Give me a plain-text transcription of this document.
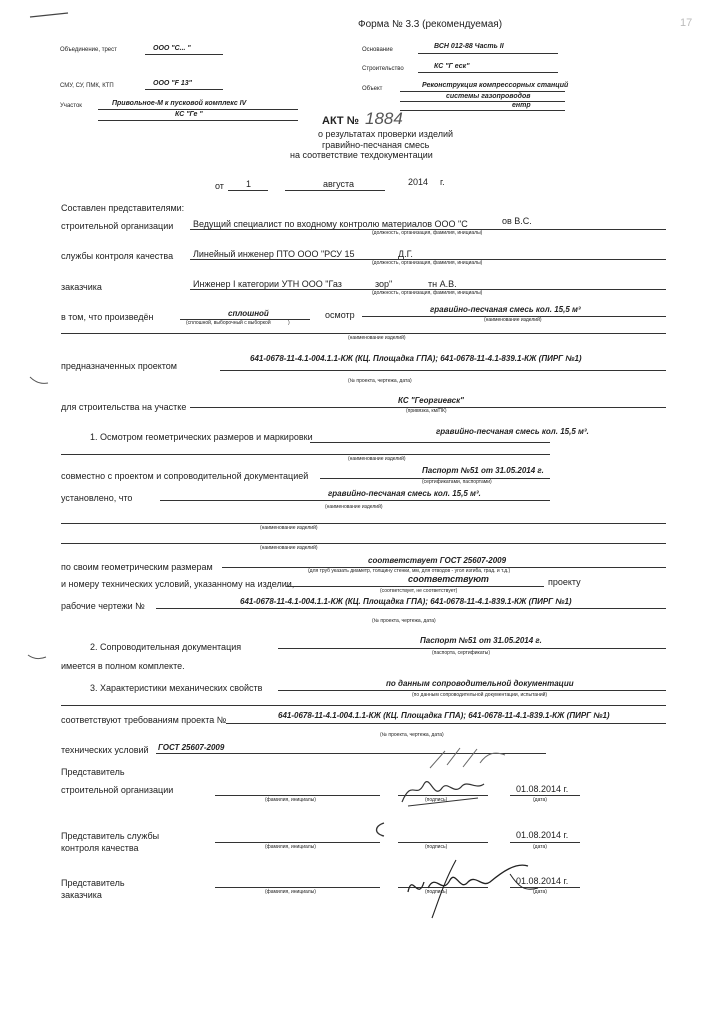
17
Форма № 3.3 (рекомендуемая)
Объединение, трест	ООО "С... "
СМУ, СУ, ПМК, КТП	ООО "F 13"
Участок	Привольное-М к пусковой комплекс IV
КС "Ге "
Основание	ВСН 012-88 Часть II
Строительство	КС "Г еск"
Объект	Реконструкция компрессорных станций
системы газопроводов
ентр
АКТ № 1884
о результатах проверки изделий
гравийно-песчаная смесь
на соответствие техдокументации
от 1	августа	2014 г.
Составлен представителями:
строительной организации Ведущий специалист по входному контролю материалов ООО "С	ов В.С.
(должность, организация, фамилия, инициалы)
службы контроля качества Линейный инженер ПТО ООО "РСУ 15	Д.Г.
(должность, организация, фамилия, инициалы)
заказчика	Инженер I категории УТН ООО "Газ	зор"	тн А.В.
(должность, организация, фамилия, инициалы)
в том, что произведён	сплошной
(сплошной, выборочный с выборкой	)
осмотр
гравийно-песчаная смесь кол. 15,5 м³
(наименование изделий)
(наименование изделий)
предназначенных проектом
641-0678-11-4.1-004.1.1-КЖ (КЦ. Площадка ГПА); 641-0678-11-4.1-839.1-КЖ (ПИРГ №1)
(№ проекта, чертежа, дата)
для строительства на участке
КС "Георгиевск"
(привязка, км/ПК)
1. Осмотром геометрических размеров и маркировки
гравийно-песчаная смесь кол. 15,5 м³.
(наименование изделий)
совместно с проектом и сопроводительной документацией
Паспорт №51 от 31.05.2014 г.
(сертификатами, паспортами)
установлено, что	гравийно-песчаная смесь кол. 15,5 м³.
(наименование изделий)
(наименование изделий)
(наименование изделий)
по своим геометрическим размерам
соответствует ГОСТ 25607-2009
(для труб указать диаметр, толщину стенки, мм, для отводов - угол изгиба, град. и т.д.)
и номеру технических условий, указанному на изделии,	соответствуют	проекту
(соответствует, не соответствует)
рабочие чертежи №	641-0678-11-4.1-004.1.1-КЖ (КЦ. Площадка ГПА); 641-0678-11-4.1-839.1-КЖ (ПИРГ №1)
(№ проекта, чертежа, дата)
2. Сопроводительная документация
Паспорт №51 от 31.05.2014 г.
(паспорта, сертификаты)
имеется в полном комплекте.
3. Характеристики механических свойств	по данным сопроводительной документации
(по данным сопроводительной документации, испытаний)
соответствуют требованиям проекта №	641-0678-11-4.1-004.1.1-КЖ (КЦ. Площадка ГПА); 641-0678-11-4.1-839.1-КЖ (ПИРГ №1)
(№ проекта, чертежа, дата)
технических условий ГОСТ 25607-2009
Представитель
строительной организации
(фамилия, инициалы)	(подпись)
01.08.2014 г.
(дата)
Представитель службы
контроля качества	(фамилия, инициалы)	(подпись)
01.08.2014 г.
(дата)
Представитель
заказчика	(фамилия, инициалы)	(подпись)
01.08.2014 г.
(дата)
